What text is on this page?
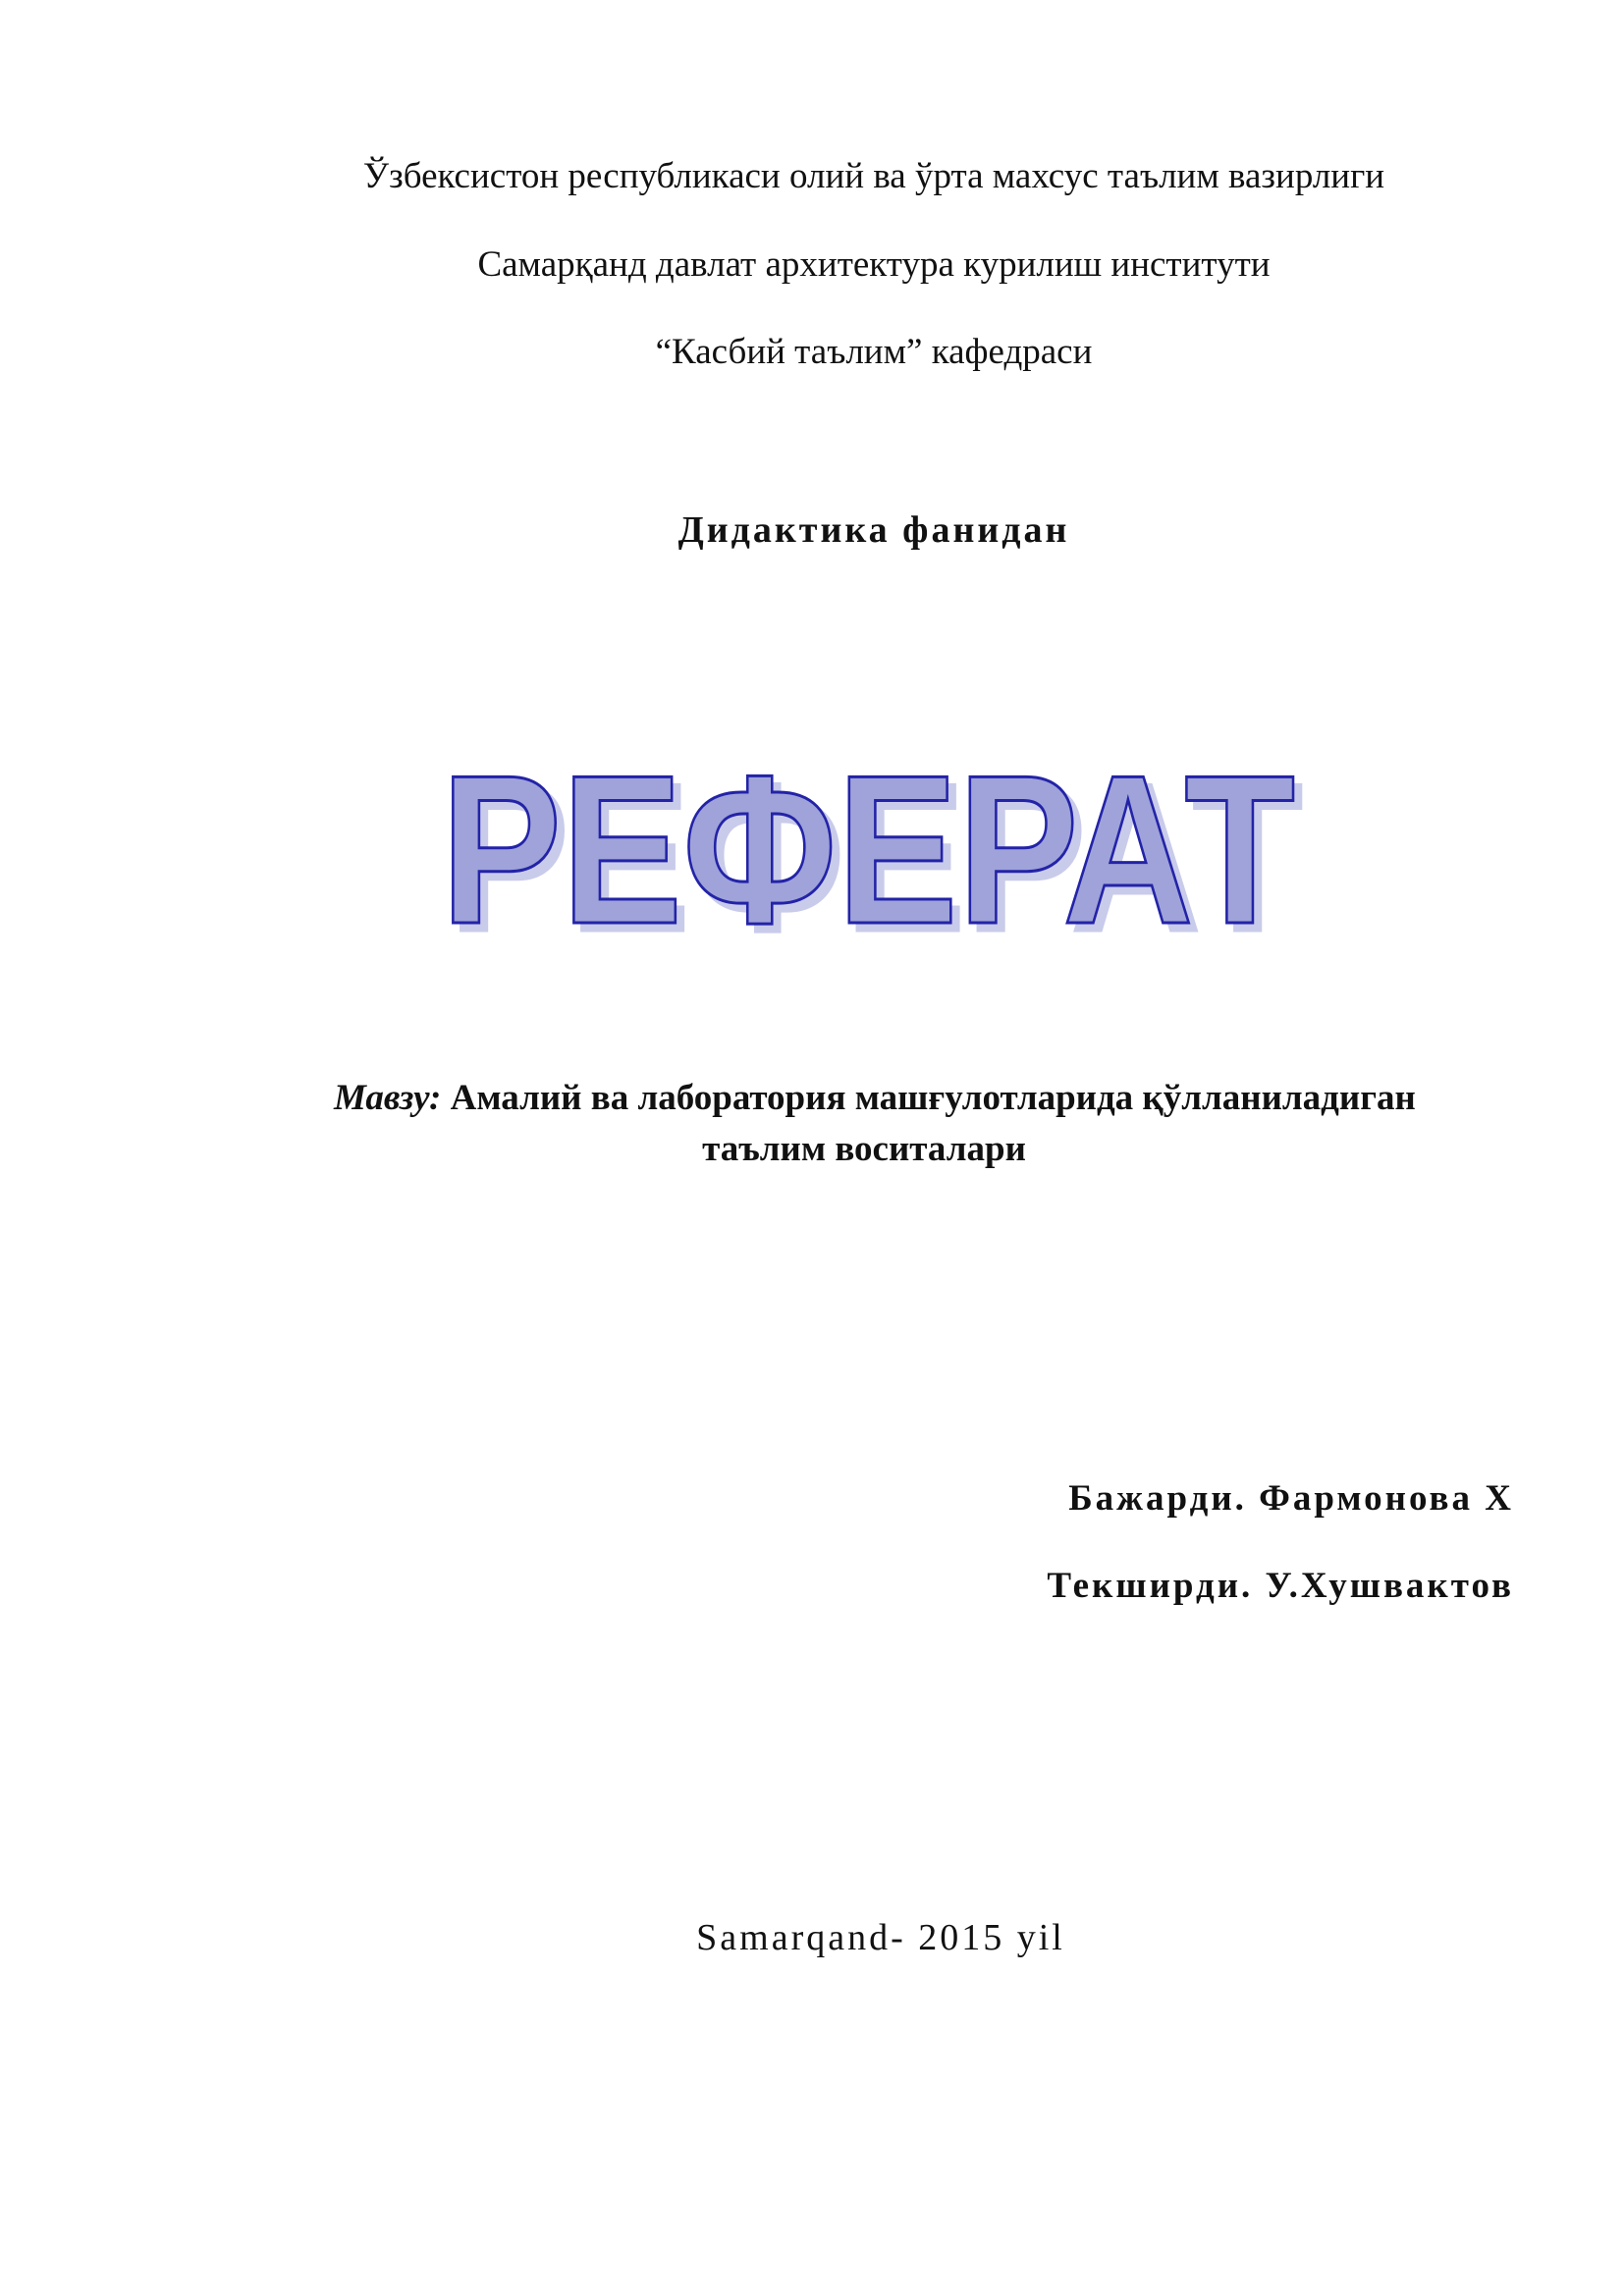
Ўзбексистон республикаси олий ва ўрта махсус таълим вазирлиги
Самарқанд давлат архитектура курилиш институти
“Касбий таълим” кафедраси
Дидактика фанидан
РЕФЕРАТ
РЕФЕРАТ
Мавзу: Амалий ва лаборатория машғулотларида қўлланиладиган
таълим воситалари
Бажарди. Фармонова Х
Текширди. У.Хушвактов
Samarqand- 2015 yil
